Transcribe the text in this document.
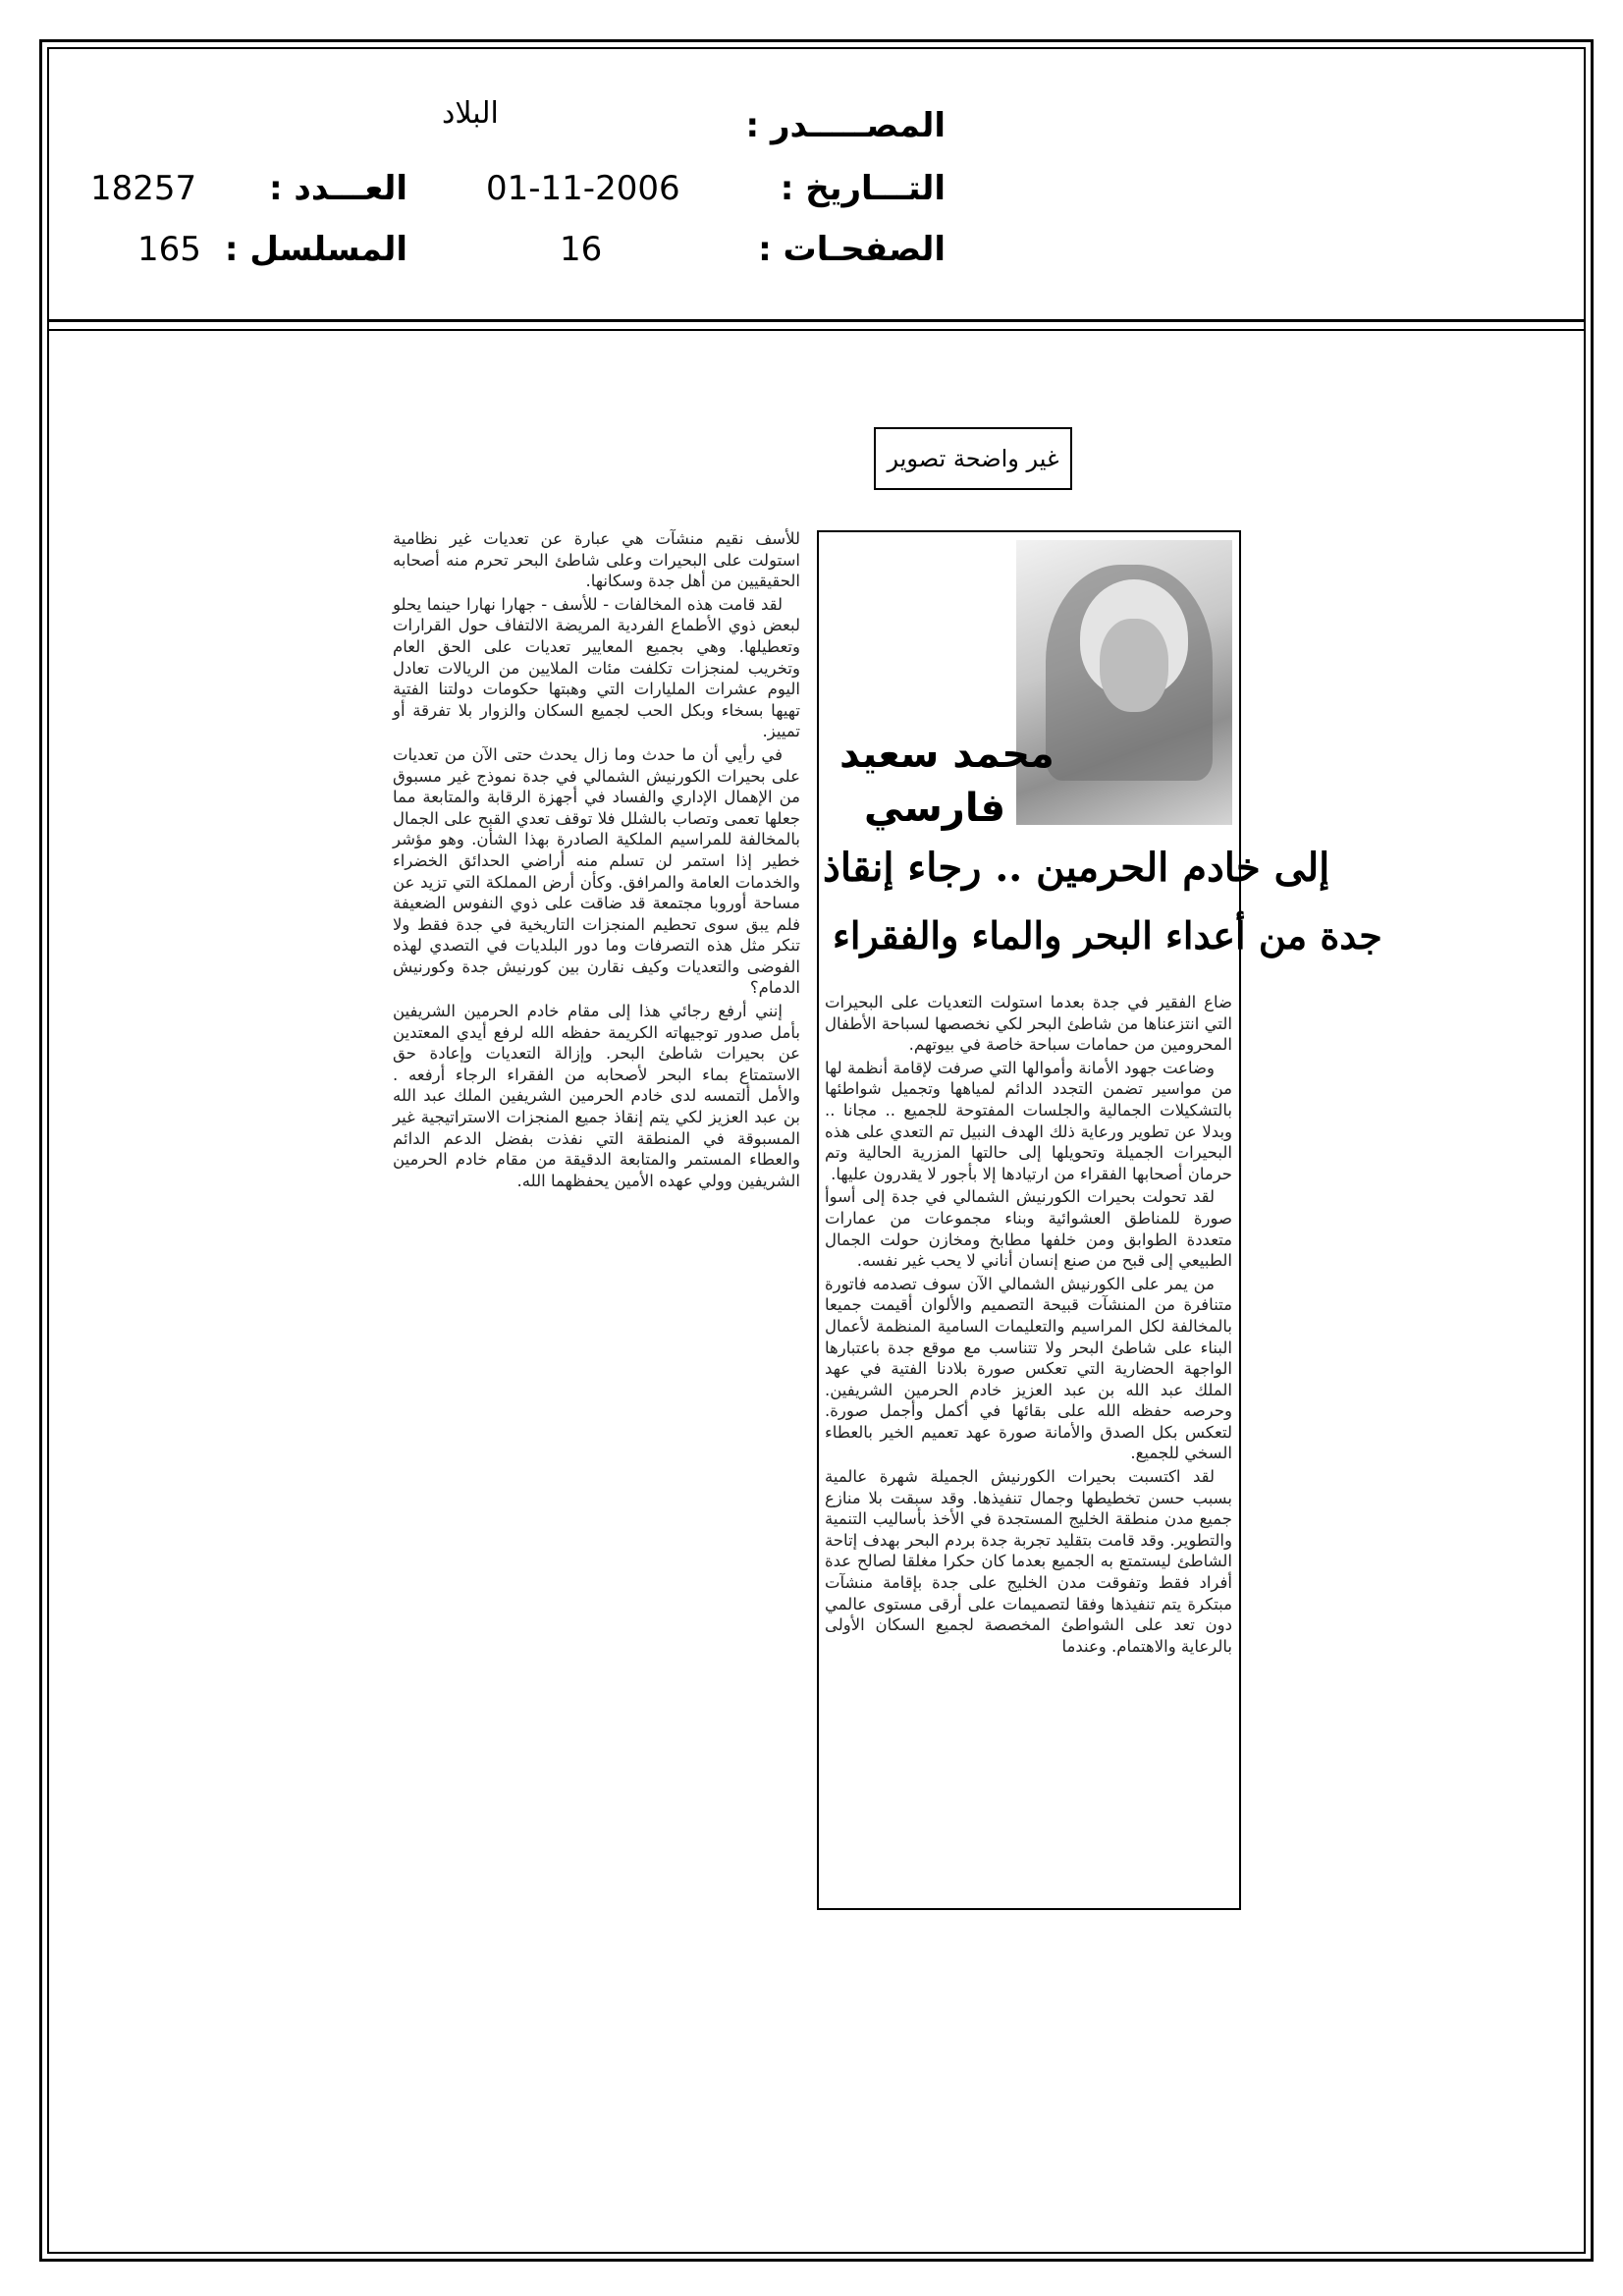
المصـــــدر :
البلاد
التـــاريخ :
01-11-2006
العـــدد :
18257
الصفحـات :
16
المسلسل :
165
غير واضحة تصوير
محمد سعيد
فارسي
إلى خادم الحرمين .. رجاء إنقاذ
جدة من أعداء البحر والماء والفقراء

ضاع الفقير في جدة بعدما استولت التعديات على البحيرات التي انتزعناها من شاطئ البحر لكي نخصصها لسباحة الأطفال المحرومين من حمامات سباحة خاصة في بيوتهم.

وضاعت جهود الأمانة وأموالها التي صرفت لإقامة أنظمة لها من مواسير تضمن التجدد الدائم لمياهها وتجميل شواطئها بالتشكيلات الجمالية والجلسات المفتوحة للجميع .. مجانا .. وبدلا عن تطوير ورعاية ذلك الهدف النبيل تم التعدي على هذه البحيرات الجميلة وتحويلها إلى حالتها المزرية الحالية وتم حرمان أصحابها الفقراء من ارتيادها إلا بأجور لا يقدرون عليها.

لقد تحولت بحيرات الكورنيش الشمالي في جدة إلى أسوأ صورة للمناطق العشوائية وبناء مجموعات من عمارات متعددة الطوابق ومن خلفها مطابخ ومخازن حولت الجمال الطبيعي إلى قبح من صنع إنسان أناني لا يحب غير نفسه.

من يمر على الكورنيش الشمالي الآن سوف تصدمه فاتورة متنافرة من المنشآت قبيحة التصميم والألوان أقيمت جميعا بالمخالفة لكل المراسيم والتعليمات السامية المنظمة لأعمال البناء على شاطئ البحر ولا تتناسب مع موقع جدة باعتبارها الواجهة الحضارية التي تعكس صورة بلادنا الفتية في عهد الملك عبد الله بن عبد العزيز خادم الحرمين الشريفين. وحرصه حفظه الله على بقائها في أكمل وأجمل صورة. لتعكس بكل الصدق والأمانة صورة عهد تعميم الخير بالعطاء السخي للجميع.

لقد اكتسبت بحيرات الكورنيش الجميلة شهرة عالمية بسبب حسن تخطيطها وجمال تنفيذها. وقد سبقت بلا منازع جميع مدن منطقة الخليج المستجدة في الأخذ بأساليب التنمية والتطوير. وقد قامت بتقليد تجربة جدة بردم البحر بهدف إتاحة الشاطئ ليستمتع به الجميع بعدما كان حكرا مغلقا لصالح عدة أفراد فقط وتفوقت مدن الخليج على جدة بإقامة منشآت مبتكرة يتم تنفيذها وفقا لتصميمات على أرقى مستوى عالمي دون تعد على الشواطئ المخصصة لجميع السكان الأولى بالرعاية والاهتمام. وعندما

للأسف نقيم منشآت هي عبارة عن تعديات غير نظامية استولت على البحيرات وعلى شاطئ البحر تحرم منه أصحابه الحقيقيين من أهل جدة وسكانها.

لقد قامت هذه المخالفات - للأسف - جهارا نهارا حينما يحلو لبعض ذوي الأطماع الفردية المريضة الالتفاف حول القرارات وتعطيلها. وهي بجميع المعايير تعديات على الحق العام وتخريب لمنجزات تكلفت مئات الملايين من الريالات تعادل اليوم عشرات المليارات التي وهبتها حكومات دولتنا الفتية تهيها بسخاء وبكل الحب لجميع السكان والزوار بلا تفرقة أو تمييز.

في رأيي أن ما حدث وما زال يحدث حتى الآن من تعديات على بحيرات الكورنيش الشمالي في جدة نموذج غير مسبوق من الإهمال الإداري والفساد في أجهزة الرقابة والمتابعة مما جعلها تعمى وتصاب بالشلل فلا توقف تعدي القبح على الجمال بالمخالفة للمراسيم الملكية الصادرة بهذا الشأن. وهو مؤشر خطير إذا استمر لن تسلم منه أراضي الحدائق الخضراء والخدمات العامة والمرافق. وكأن أرض المملكة التي تزيد عن مساحة أوروبا مجتمعة قد ضاقت على ذوي النفوس الضعيفة فلم يبق سوى تحطيم المنجزات التاريخية في جدة فقط ولا تنكر مثل هذه التصرفات وما دور البلديات في التصدي لهذه الفوضى والتعديات وكيف نقارن بين كورنيش جدة وكورنيش الدمام؟

إنني أرفع رجائي هذا إلى مقام خادم الحرمين الشريفين بأمل صدور توجيهاته الكريمة حفظه الله لرفع أيدي المعتدين عن بحيرات شاطئ البحر. وإزالة التعديات وإعادة حق الاستمتاع بماء البحر لأصحابه من الفقراء الرجاء أرفعه . والأمل ألتمسه لدى خادم الحرمين الشريفين الملك عبد الله بن عبد العزيز لكي يتم إنقاذ جميع المنجزات الاستراتيجية غير المسبوقة في المنطقة التي نفذت بفضل الدعم الدائم والعطاء المستمر والمتابعة الدقيقة من مقام خادم الحرمين الشريفين وولي عهده الأمين يحفظهما الله.
